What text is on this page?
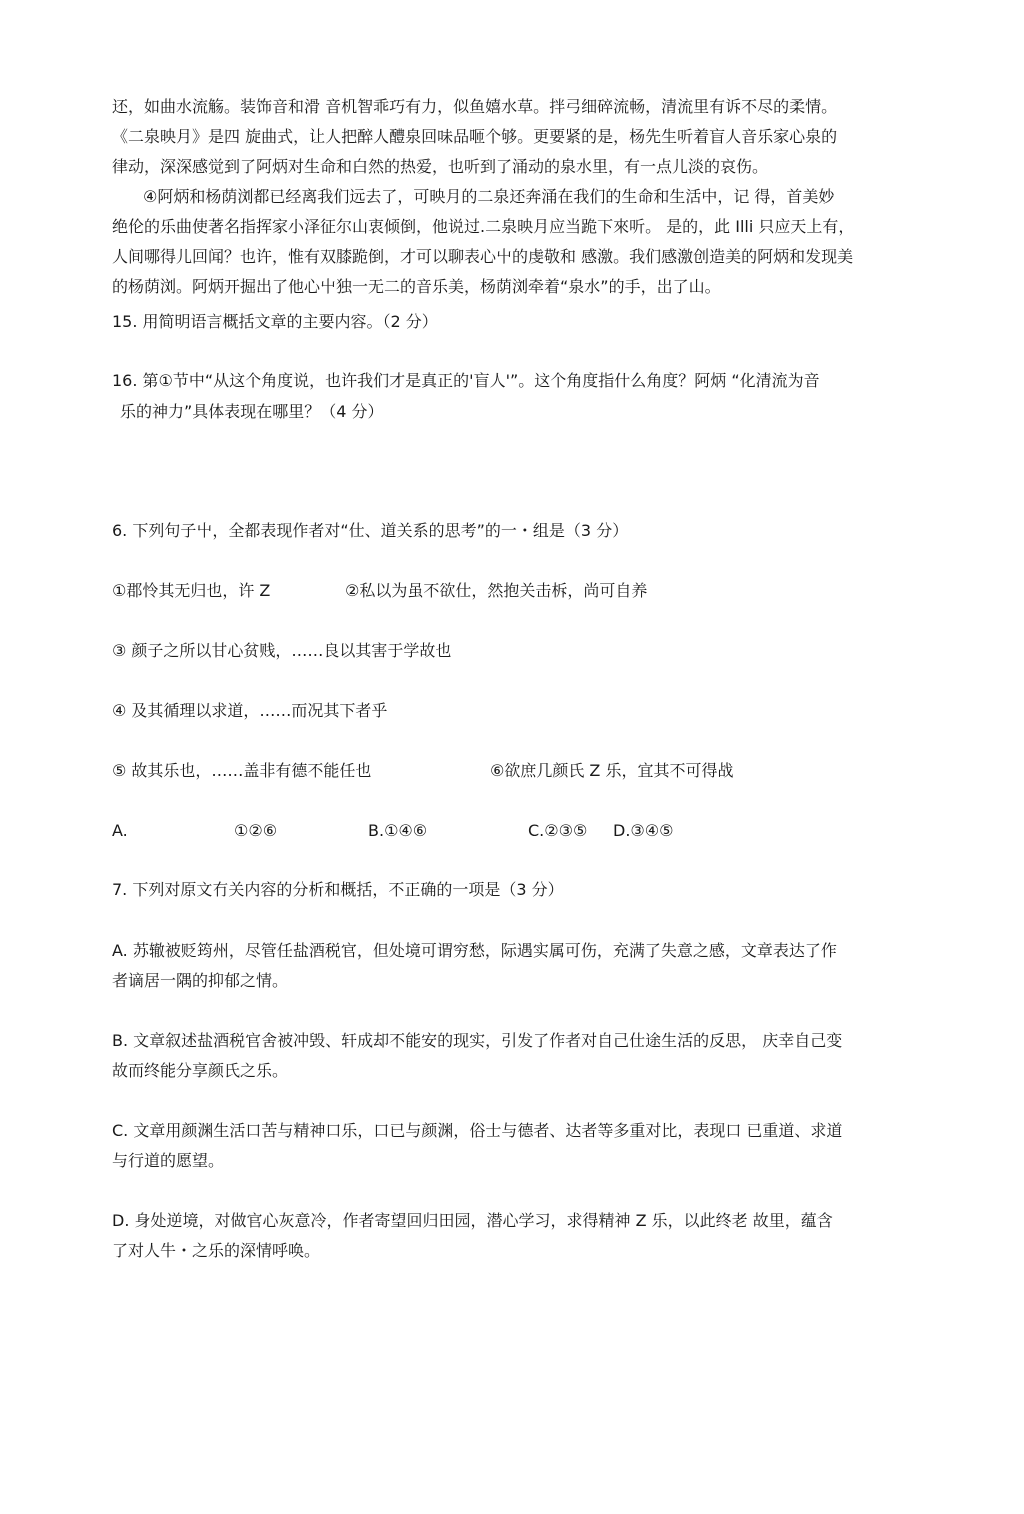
还，如曲水流觞。装饰音和滑 音机智乖巧有力，似鱼嬉水草。拌弓细碎流畅，清流里有诉不尽的柔情。
《二泉映月》是四 旋曲式，让人把醉人醴泉回味品咂个够。更要紧的是，杨先生听着盲人音乐家心泉的
律动，深深感觉到了阿炳对生命和白然的热爱，也听到了涌动的泉水里，有一点儿淡的哀伤。
④阿炳和杨荫浏都已经离我们远去了，可映月的二泉还奔涌在我们的生命和生活中，记 得，首美妙
绝伦的乐曲使著名指挥家小泽征尔山衷倾倒，他说过.二泉映月应当跪下來听。 是的，此 Illi 只应天上有，
人间哪得儿回闻？也许，惟有双膝跪倒，才可以聊表心屮的虔敬和 感激。我们感激创造美的阿炳和发现美
的杨荫浏。阿炳开掘出了他心屮独一无二的音乐美，杨荫浏牵着“泉水”的手，岀了山。
15. 用简明语言概括文章的主要内容。（2 分）
16. 第①节中“从这个角度说，也许我们才是真正的'盲人'”。这个角度指什么角度？阿炳 “化清流为音
乐的神力”具体表现在哪里？（4 分）
6. 下列句子屮，全都表现作者对“仕、道关系的思考”的一・组是（3 分）
①郡怜其无归也，许 Z	②私以为虽不欲仕，然抱关击柝，尚可自养
③ 颜子之所以甘心贫贱，……良以其害于学故也
④ 及其循理以求道，……而况其下者乎
⑤ 故其乐也，……盖非有德不能任也	⑥欲庶几颜氏 Z 乐，宜其不可得战
A.	①②⑥	B.①④⑥	C.②③⑤	D.③④⑤
7. 下列对原文冇关内容的分析和概括，不正确的一项是（3 分）
A. 苏辙被贬筠州，尽管任盐酒税官，但处境可谓穷愁，际遇实属可伤，充满了失意之感，文章表达了作
者谪居一隅的抑郁之情。
B. 文章叙述盐酒税官舍被冲毁、轩成却不能安的现实，引发了作者对自己仕途生活的反思， 庆幸自己变
故而终能分享颜氏之乐。
C. 文章用颜渊生活口苦与精神口乐，口已与颜渊，俗士与德者、达者等多重对比，表现口 已重道、求道
与行道的愿望。
D. 身处逆境，对做官心灰意冷，作者寄望回归田园，潜心学习，求得精神 Z 乐，以此终老 故里，蕴含
了对人牛・之乐的深情呼唤。
